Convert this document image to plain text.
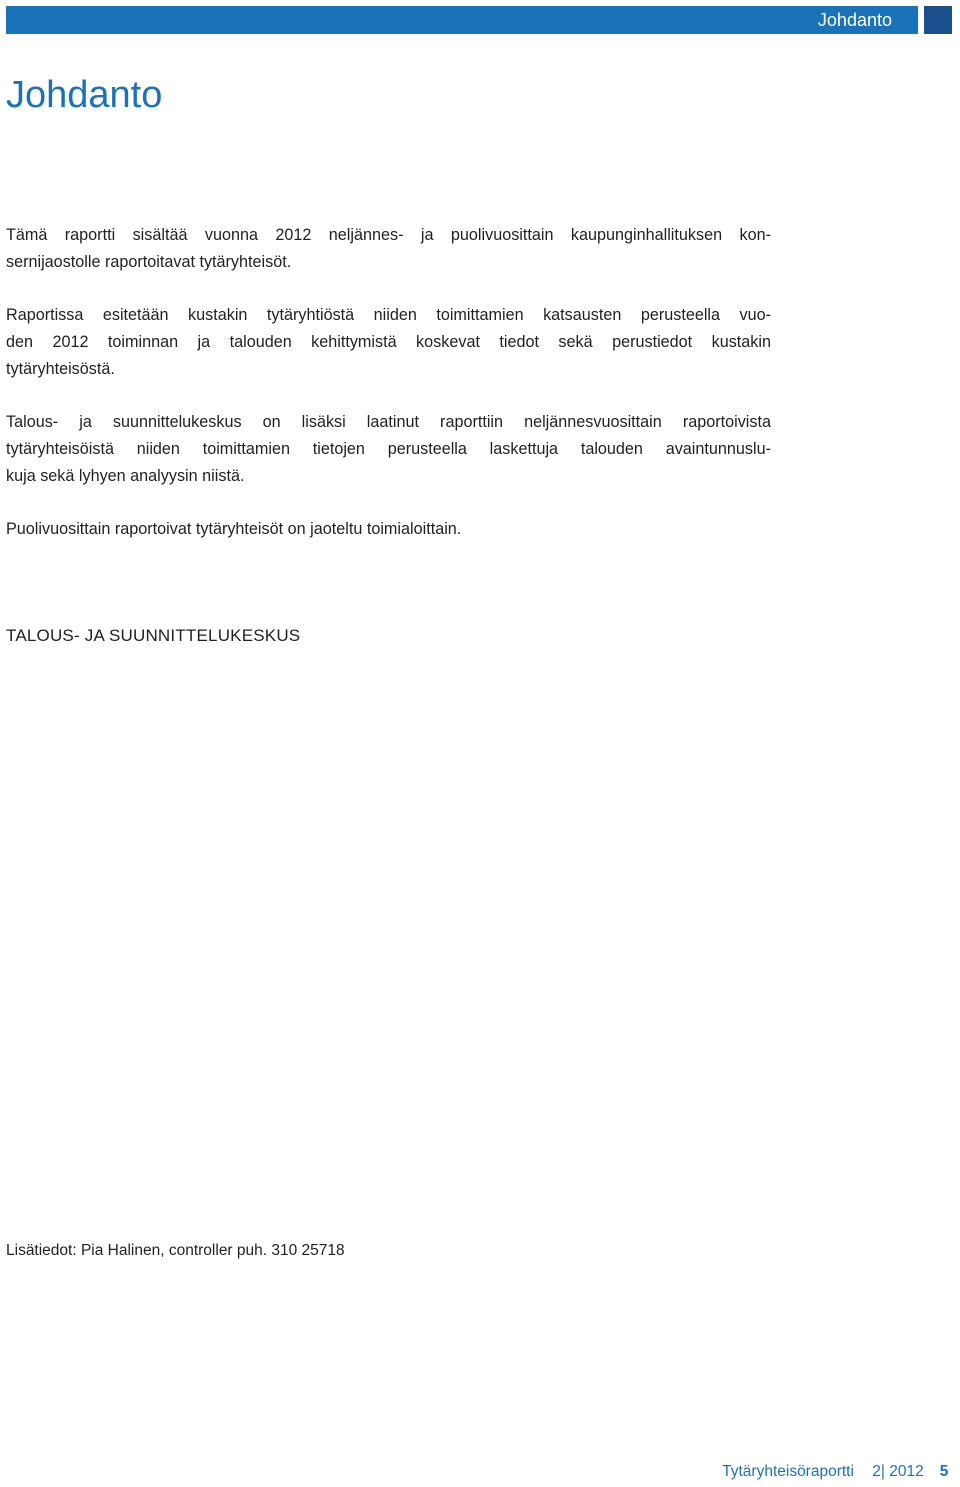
Johdanto
Johdanto

Tämä raportti sisältää vuonna 2012 neljännes- ja puolivuosittain kaupunginhallituksen kon-
sernijaostolle raportoitavat tytäryhteisöt.

Raportissa esitetään kustakin tytäryhtiöstä niiden toimittamien katsausten perusteella vuo-
den 2012 toiminnan ja talouden kehittymistä koskevat tiedot sekä perustiedot kustakin
tytäryhteisöstä.

Talous- ja suunnittelukeskus on lisäksi laatinut raporttiin neljännesvuosittain raportoivista
tytäryhteisöistä niiden toimittamien tietojen perusteella laskettuja talouden avaintunnuslu-
kuja sekä lyhyen analyysin niistä.

Puolivuosittain raportoivat tytäryhteisöt on jaoteltu toimialoittain.

TALOUS- JA SUUNNITTELUKESKUS

Lisätiedot: Pia Halinen, controller puh. 310 25718

Tytäryhteisöraportti 2| 2012 5
